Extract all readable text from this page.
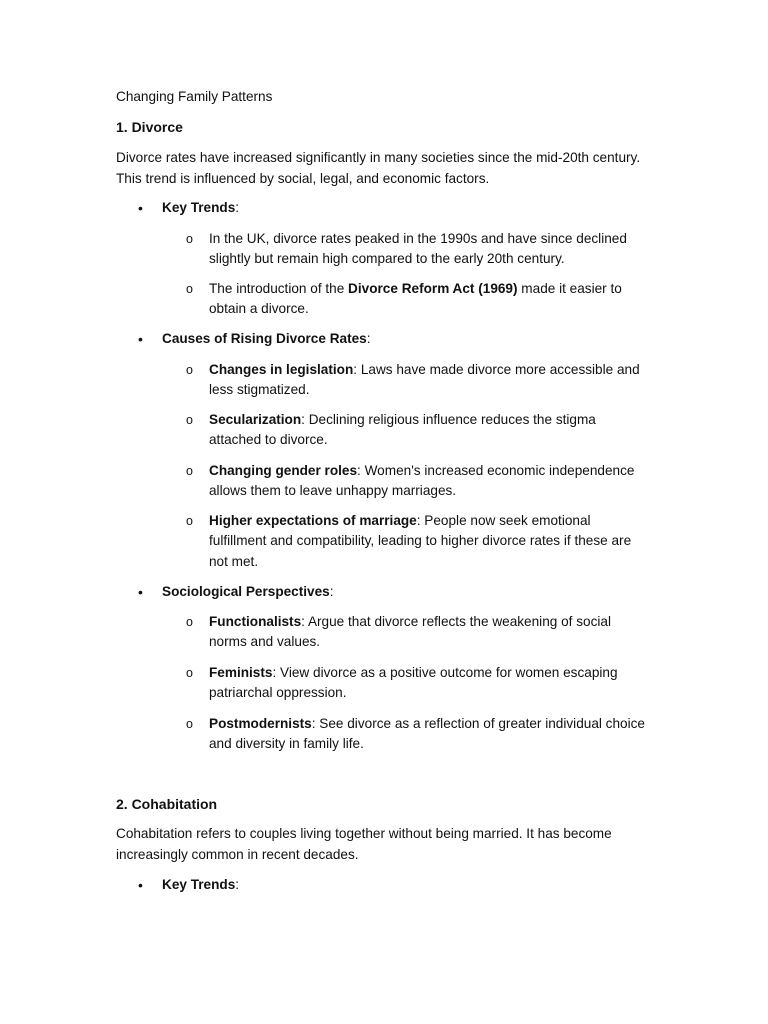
Changing Family Patterns
1. Divorce
Divorce rates have increased significantly in many societies since the mid-20th century. This trend is influenced by social, legal, and economic factors.
•	Key Trends:
o In the UK, divorce rates peaked in the 1990s and have since declined slightly but remain high compared to the early 20th century.
o The introduction of the Divorce Reform Act (1969) made it easier to obtain a divorce.
•	Causes of Rising Divorce Rates:
o Changes in legislation: Laws have made divorce more accessible and less stigmatized.
o Secularization: Declining religious influence reduces the stigma attached to divorce.
o Changing gender roles: Women's increased economic independence allows them to leave unhappy marriages.
o Higher expectations of marriage: People now seek emotional fulfillment and compatibility, leading to higher divorce rates if these are not met.
•	Sociological Perspectives:
o Functionalists: Argue that divorce reflects the weakening of social norms and values.
o Feminists: View divorce as a positive outcome for women escaping patriarchal oppression.
o Postmodernists: See divorce as a reflection of greater individual choice and diversity in family life.
2. Cohabitation
Cohabitation refers to couples living together without being married. It has become increasingly common in recent decades.
•	Key Trends:
